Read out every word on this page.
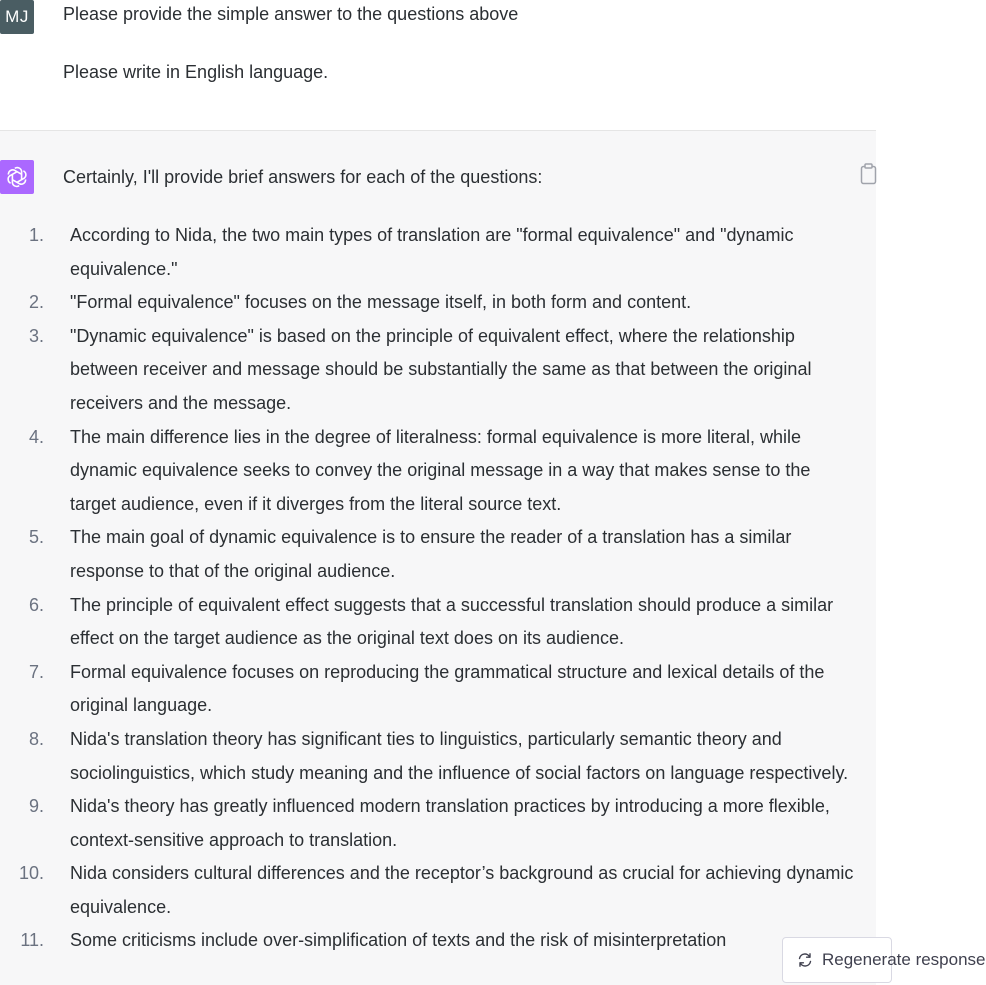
MJ Please provide the simple answer to the questions above
Please write in English language.
Certainly, I'll provide brief answers for each of the questions:
1. According to Nida, the two main types of translation are "formal equivalence" and "dynamic equivalence."
2. "Formal equivalence" focuses on the message itself, in both form and content.
3. "Dynamic equivalence" is based on the principle of equivalent effect, where the relationship between receiver and message should be substantially the same as that between the original receivers and the message.
4. The main difference lies in the degree of literalness: formal equivalence is more literal, while dynamic equivalence seeks to convey the original message in a way that makes sense to the target audience, even if it diverges from the literal source text.
5. The main goal of dynamic equivalence is to ensure the reader of a translation has a similar response to that of the original audience.
6. The principle of equivalent effect suggests that a successful translation should produce a similar effect on the target audience as the original text does on its audience.
7. Formal equivalence focuses on reproducing the grammatical structure and lexical details of the original language.
8. Nida's translation theory has significant ties to linguistics, particularly semantic theory and sociolinguistics, which study meaning and the influence of social factors on language respectively.
9. Nida's theory has greatly influenced modern translation practices by introducing a more flexible, context-sensitive approach to translation.
10. Nida considers cultural differences and the receptor’s background as crucial for achieving dynamic equivalence.
11. Some criticisms include over-simplification of texts and the risk of misinterpretation
Regenerate response
